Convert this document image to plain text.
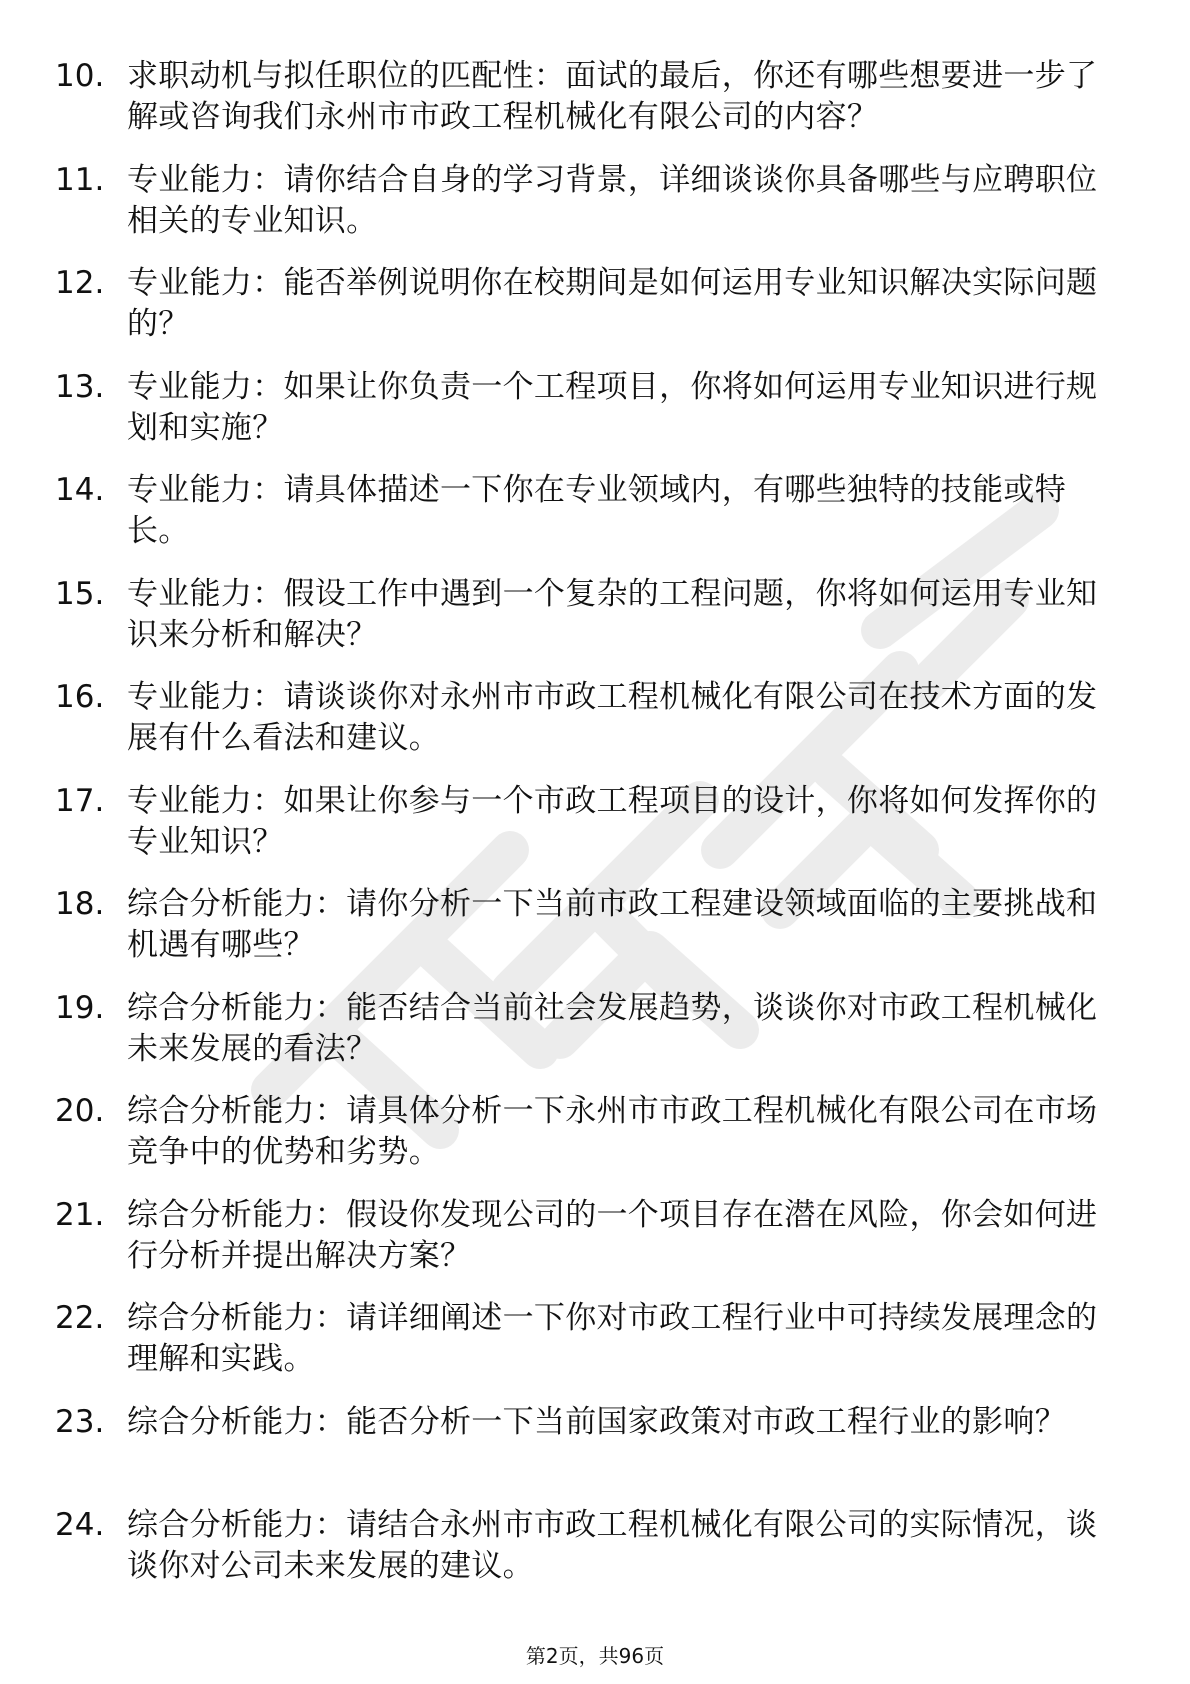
10. 求职动机与拟任职位的匹配性：面试的最后，你还有哪些想要进一步了解或咨询我们永州市市政工程机械化有限公司的内容？
11. 专业能力：请你结合自身的学习背景，详细谈谈你具备哪些与应聘职位相关的专业知识。
12. 专业能力：能否举例说明你在校期间是如何运用专业知识解决实际问题的？
13. 专业能力：如果让你负责一个工程项目，你将如何运用专业知识进行规划和实施？
14. 专业能力：请具体描述一下你在专业领域内，有哪些独特的技能或特长。
15. 专业能力：假设工作中遇到一个复杂的工程问题，你将如何运用专业知识来分析和解决？
16. 专业能力：请谈谈你对永州市市政工程机械化有限公司在技术方面的发展有什么看法和建议。
17. 专业能力：如果让你参与一个市政工程项目的设计，你将如何发挥你的专业知识？
18. 综合分析能力：请你分析一下当前市政工程建设领域面临的主要挑战和机遇有哪些？
19. 综合分析能力：能否结合当前社会发展趋势，谈谈你对市政工程机械化未来发展的看法？
20. 综合分析能力：请具体分析一下永州市市政工程机械化有限公司在市场竞争中的优势和劣势。
21. 综合分析能力：假设你发现公司的一个项目存在潜在风险，你会如何进行分析并提出解决方案？
22. 综合分析能力：请详细阐述一下你对市政工程行业中可持续发展理念的理解和实践。
23. 综合分析能力：能否分析一下当前国家政策对市政工程行业的影响？
24. 综合分析能力：请结合永州市市政工程机械化有限公司的实际情况，谈谈你对公司未来发展的建议。
第2页，共96页
